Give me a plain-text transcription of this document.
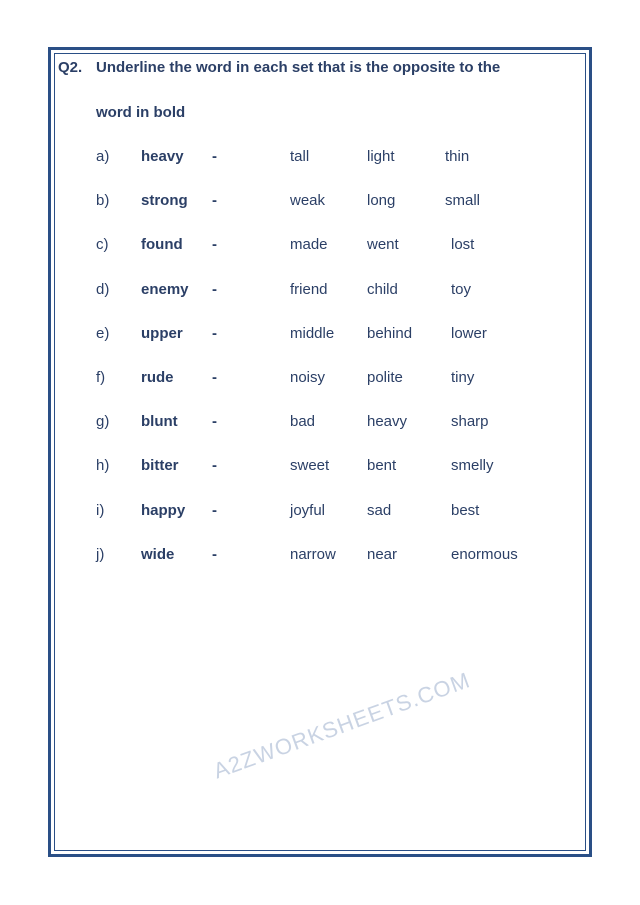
A2ZWORKSHEETS.COM
Q2. Underline the word in each set that is the opposite to the
word in bold
a) heavy -	tall	light	thin
b) strong -	weak	long	small
c) found -	made	went	lost
d) enemy -	friend	child	toy
e) upper -	middle behind	lower
f) rude	-	noisy	polite	tiny
g) blunt -	bad	heavy	sharp
h) bitter -	sweet	bent	smelly
i) happy -	joyful	sad	best
j) wide	-	narrow near	enormous
